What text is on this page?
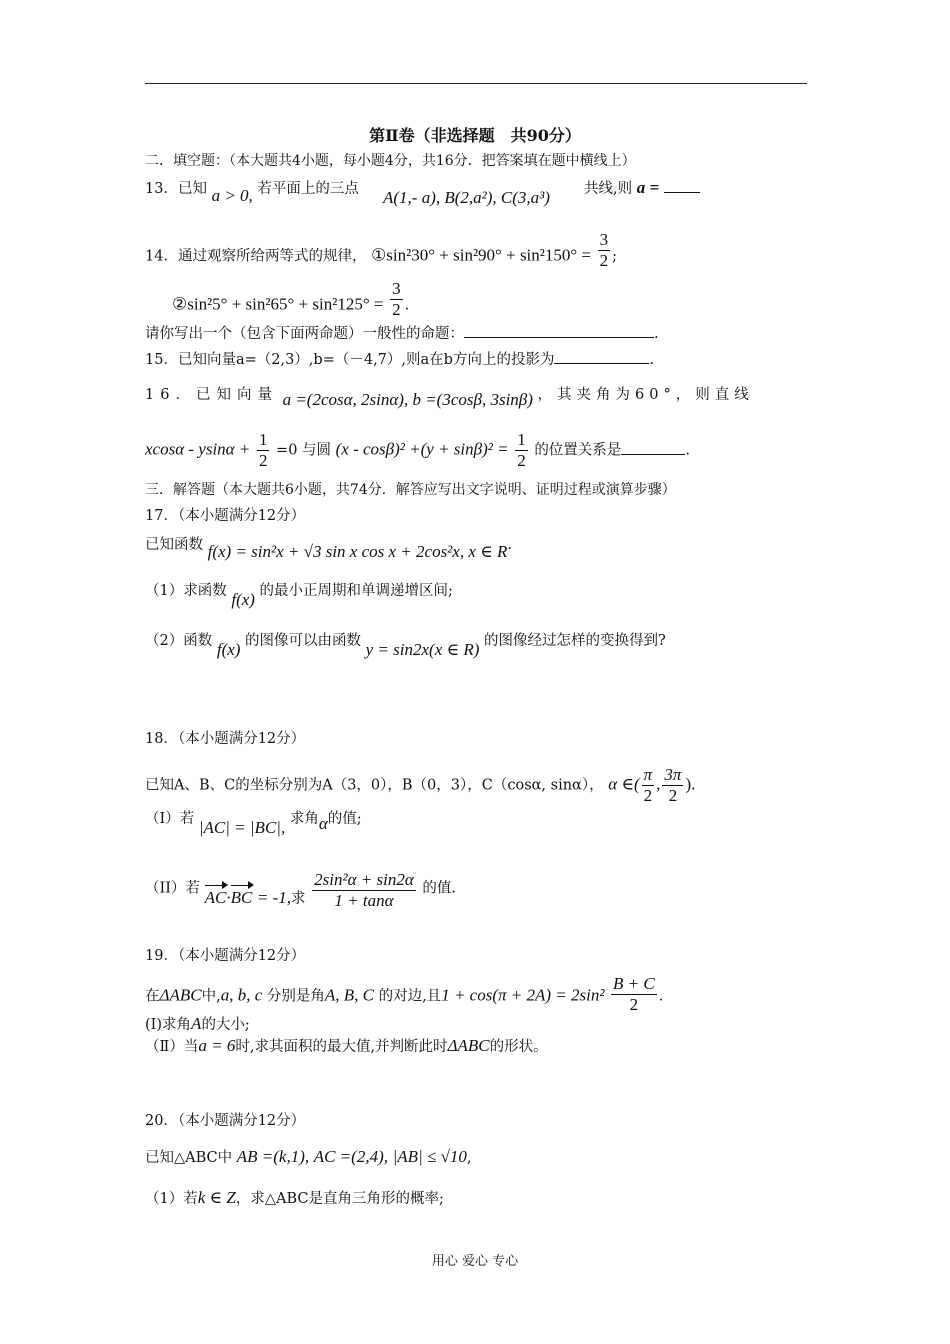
第Ⅱ卷（非选择题　共90分）
二．填空题：（本大题共4小题，每小题4分，共16分．把答案填在题中横线上）
13．已知 a > 0, 若平面上的三点 A(1,- a), B(2,a²), C(3,a³) 共线,则 a =
14．通过观察所给两等式的规律， ①sin²30° + $\sin^290^\circ + \sin^2150^\circ = \frac{3}{2}$ ;
②sin²5° + $\sin^265^\circ + \sin^2125^\circ = \frac{3}{2}$ .
请你写出一个（包含下面两命题）一般性的命题：	.
15．已知向量a=（2,3）,b=（－4,7）,则a在b方向上的投影为	.
16．已知向量 a =(2cosα, 2sinα), b =(3cosβ, 3sinβ) ，其夹角为60°，则直线
$xcos\alpha - ysin\alpha + \frac{1}{2} =0$ 与圆 $(x - \cos\beta)^2 +(y + \sin\beta)^2 = \frac{1}{2}$ 的位置关系是	.
三．解答题（本大题共6小题，共74分．解答应写出文字说明、证明过程或演算步骤）
17．（本小题满分12分）
已知函数 f(x) = sin²x + √3 sin x cos x + 2cos²x, x ∈ R.
（1）求函数 f(x) 的最小正周期和单调递增区间;
（2）函数 f(x) 的图像可以由函数 y = sin2x(x ∈ R) 的图像经过怎样的变换得到?
18．（本小题满分12分）
已知A、B、C的坐标分别为A（3，0），B（0，3），C（cosα, sinα）， α ∈( $\frac{\pi}{2}$ , $\frac{3\pi}{2}$ ).
（I）若 |AC| = |BC|, 求角α的值;
（II）若 AC·BC = -1,求 $\frac{\text{2sin²α + sin2α}}{1 + \tan\alpha}$ 的值.
19．（本小题满分12分）
在ΔABC中,a, b, c 分别是角A, B, C 的对边,且$1 + \cos(\pi + 2A) = 2\sin^2 \frac{B + C}{2}$ .
(I)求角A的大小;
（Ⅱ）当a = 6时,求其面积的最大值,并判断此时ΔABC的形状。
20．（本小题满分12分）
已知△ABC中 AB =(k,1), AC =(2,4), |AB| ≤ √10,
（1）若k ∈ Z，求△ABC是直角三角形的概率;
用心 爱心 专心
